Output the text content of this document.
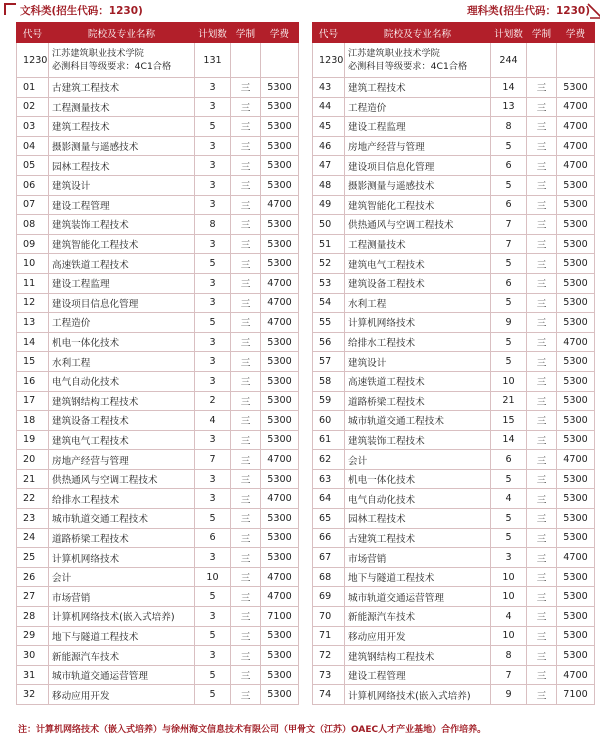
文科类(招生代码：1230)
代号	院校及专业名称	计划数	学制	学费
1230	江苏建筑职业技术学院
必测科目等级要求：4C1合格	131		
01	古建筑工程技术	3	三	5300
02	工程测量技术	3	三	5300
03	建筑工程技术	5	三	5300
04	摄影测量与遥感技术	3	三	5300
05	园林工程技术	3	三	5300
06	建筑设计	3	三	5300
07	建设工程管理	3	三	4700
08	建筑装饰工程技术	8	三	5300
09	建筑智能化工程技术	3	三	5300
10	高速铁道工程技术	5	三	5300
11	建设工程监理	3	三	4700
12	建设项目信息化管理	3	三	4700
13	工程造价	5	三	4700
14	机电一体化技术	3	三	5300
15	水利工程	3	三	5300
16	电气自动化技术	3	三	5300
17	建筑钢结构工程技术	2	三	5300
18	建筑设备工程技术	4	三	5300
19	建筑电气工程技术	3	三	5300
20	房地产经营与管理	7	三	4700
21	供热通风与空调工程技术	3	三	5300
22	给排水工程技术	3	三	4700
23	城市轨道交通工程技术	5	三	5300
24	道路桥梁工程技术	6	三	5300
25	计算机网络技术	3	三	5300
26	会计	10	三	4700
27	市场营销	5	三	4700
28	计算机网络技术(嵌入式培养)	3	三	7100
29	地下与隧道工程技术	5	三	5300
30	新能源汽车技术	3	三	5300
31	城市轨道交通运营管理	5	三	5300
32	移动应用开发	5	三	5300
理科类(招生代码：1230)
代号	院校及专业名称	计划数	学制	学费
1230	江苏建筑职业技术学院
必测科目等级要求：4C1合格	244		
43	建筑工程技术	14	三	5300
44	工程造价	13	三	4700
45	建设工程监理	8	三	4700
46	房地产经营与管理	5	三	4700
47	建设项目信息化管理	6	三	4700
48	摄影测量与遥感技术	5	三	5300
49	建筑智能化工程技术	6	三	5300
50	供热通风与空调工程技术	7	三	5300
51	工程测量技术	7	三	5300
52	建筑电气工程技术	5	三	5300
53	建筑设备工程技术	6	三	5300
54	水利工程	5	三	5300
55	计算机网络技术	9	三	5300
56	给排水工程技术	5	三	4700
57	建筑设计	5	三	5300
58	高速铁道工程技术	10	三	5300
59	道路桥梁工程技术	21	三	5300
60	城市轨道交通工程技术	15	三	5300
61	建筑装饰工程技术	14	三	5300
62	会计	6	三	4700
63	机电一体化技术	5	三	5300
64	电气自动化技术	4	三	5300
65	园林工程技术	5	三	5300
66	古建筑工程技术	5	三	5300
67	市场营销	3	三	4700
68	地下与隧道工程技术	10	三	5300
69	城市轨道交通运营管理	10	三	5300
70	新能源汽车技术	4	三	5300
71	移动应用开发	10	三	5300
72	建筑钢结构工程技术	8	三	5300
73	建设工程管理	7	三	4700
74	计算机网络技术(嵌入式培养)	9	三	7100
注：计算机网络技术（嵌入式培养）与徐州海文信息技术有限公司（甲骨文（江苏）OAEC人才产业基地）合作培养。
